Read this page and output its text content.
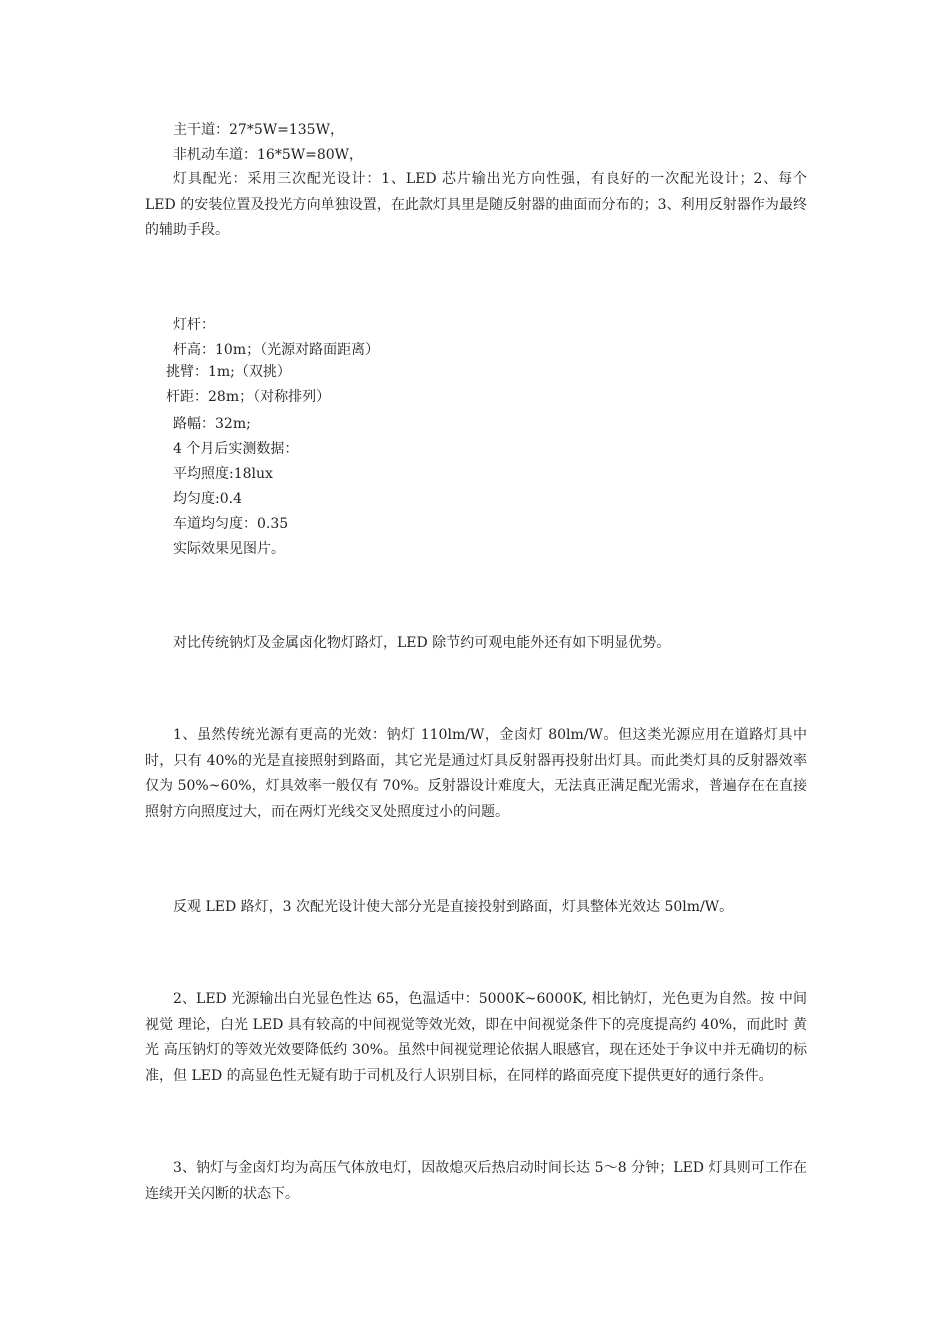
主干道：27*5W=135W，
非机动车道：16*5W=80W，
灯具配光：采用三次配光设计：1、LED 芯片输出光方向性强，有良好的一次配光设计；2、每个 LED 的安装位置及投光方向单独设置，在此款灯具里是随反射器的曲面而分布的；3、利用反射器作为最终的辅助手段。
灯杆：
杆高：10m；（光源对路面距离）
挑臂：1m;（双挑）
杆距：28m；（对称排列）
路幅：32m;
4 个月后实测数据：
平均照度:18lux
均匀度:0.4
车道均匀度：0.35
实际效果见图片。
对比传统钠灯及金属卤化物灯路灯，LED 除节约可观电能外还有如下明显优势。
1、虽然传统光源有更高的光效：钠灯 110lm/W，金卤灯 80lm/W。但这类光源应用在道路灯具中时，只有 40%的光是直接照射到路面，其它光是通过灯具反射器再投射出灯具。而此类灯具的反射器效率仅为 50%~60%，灯具效率一般仅有 70%。反射器设计难度大，无法真正满足配光需求，普遍存在在直接照射方向照度过大，而在两灯光线交叉处照度过小的问题。
反观 LED 路灯，3 次配光设计使大部分光是直接投射到路面，灯具整体光效达 50lm/W。
2、LED 光源输出白光显色性达 65，色温适中：5000K~6000K, 相比钠灯，光色更为自然。按 中间视觉 理论，白光 LED 具有较高的中间视觉等效光效，即在中间视觉条件下的亮度提高约 40%，而此时 黄光 高压钠灯的等效光效要降低约 30%。虽然中间视觉理论依据人眼感官，现在还处于争议中并无确切的标准，但 LED 的高显色性无疑有助于司机及行人识别目标，在同样的路面亮度下提供更好的通行条件。
3、钠灯与金卤灯均为高压气体放电灯，因故熄灭后热启动时间长达 5～8 分钟；LED 灯具则可工作在连续开关闪断的状态下。
